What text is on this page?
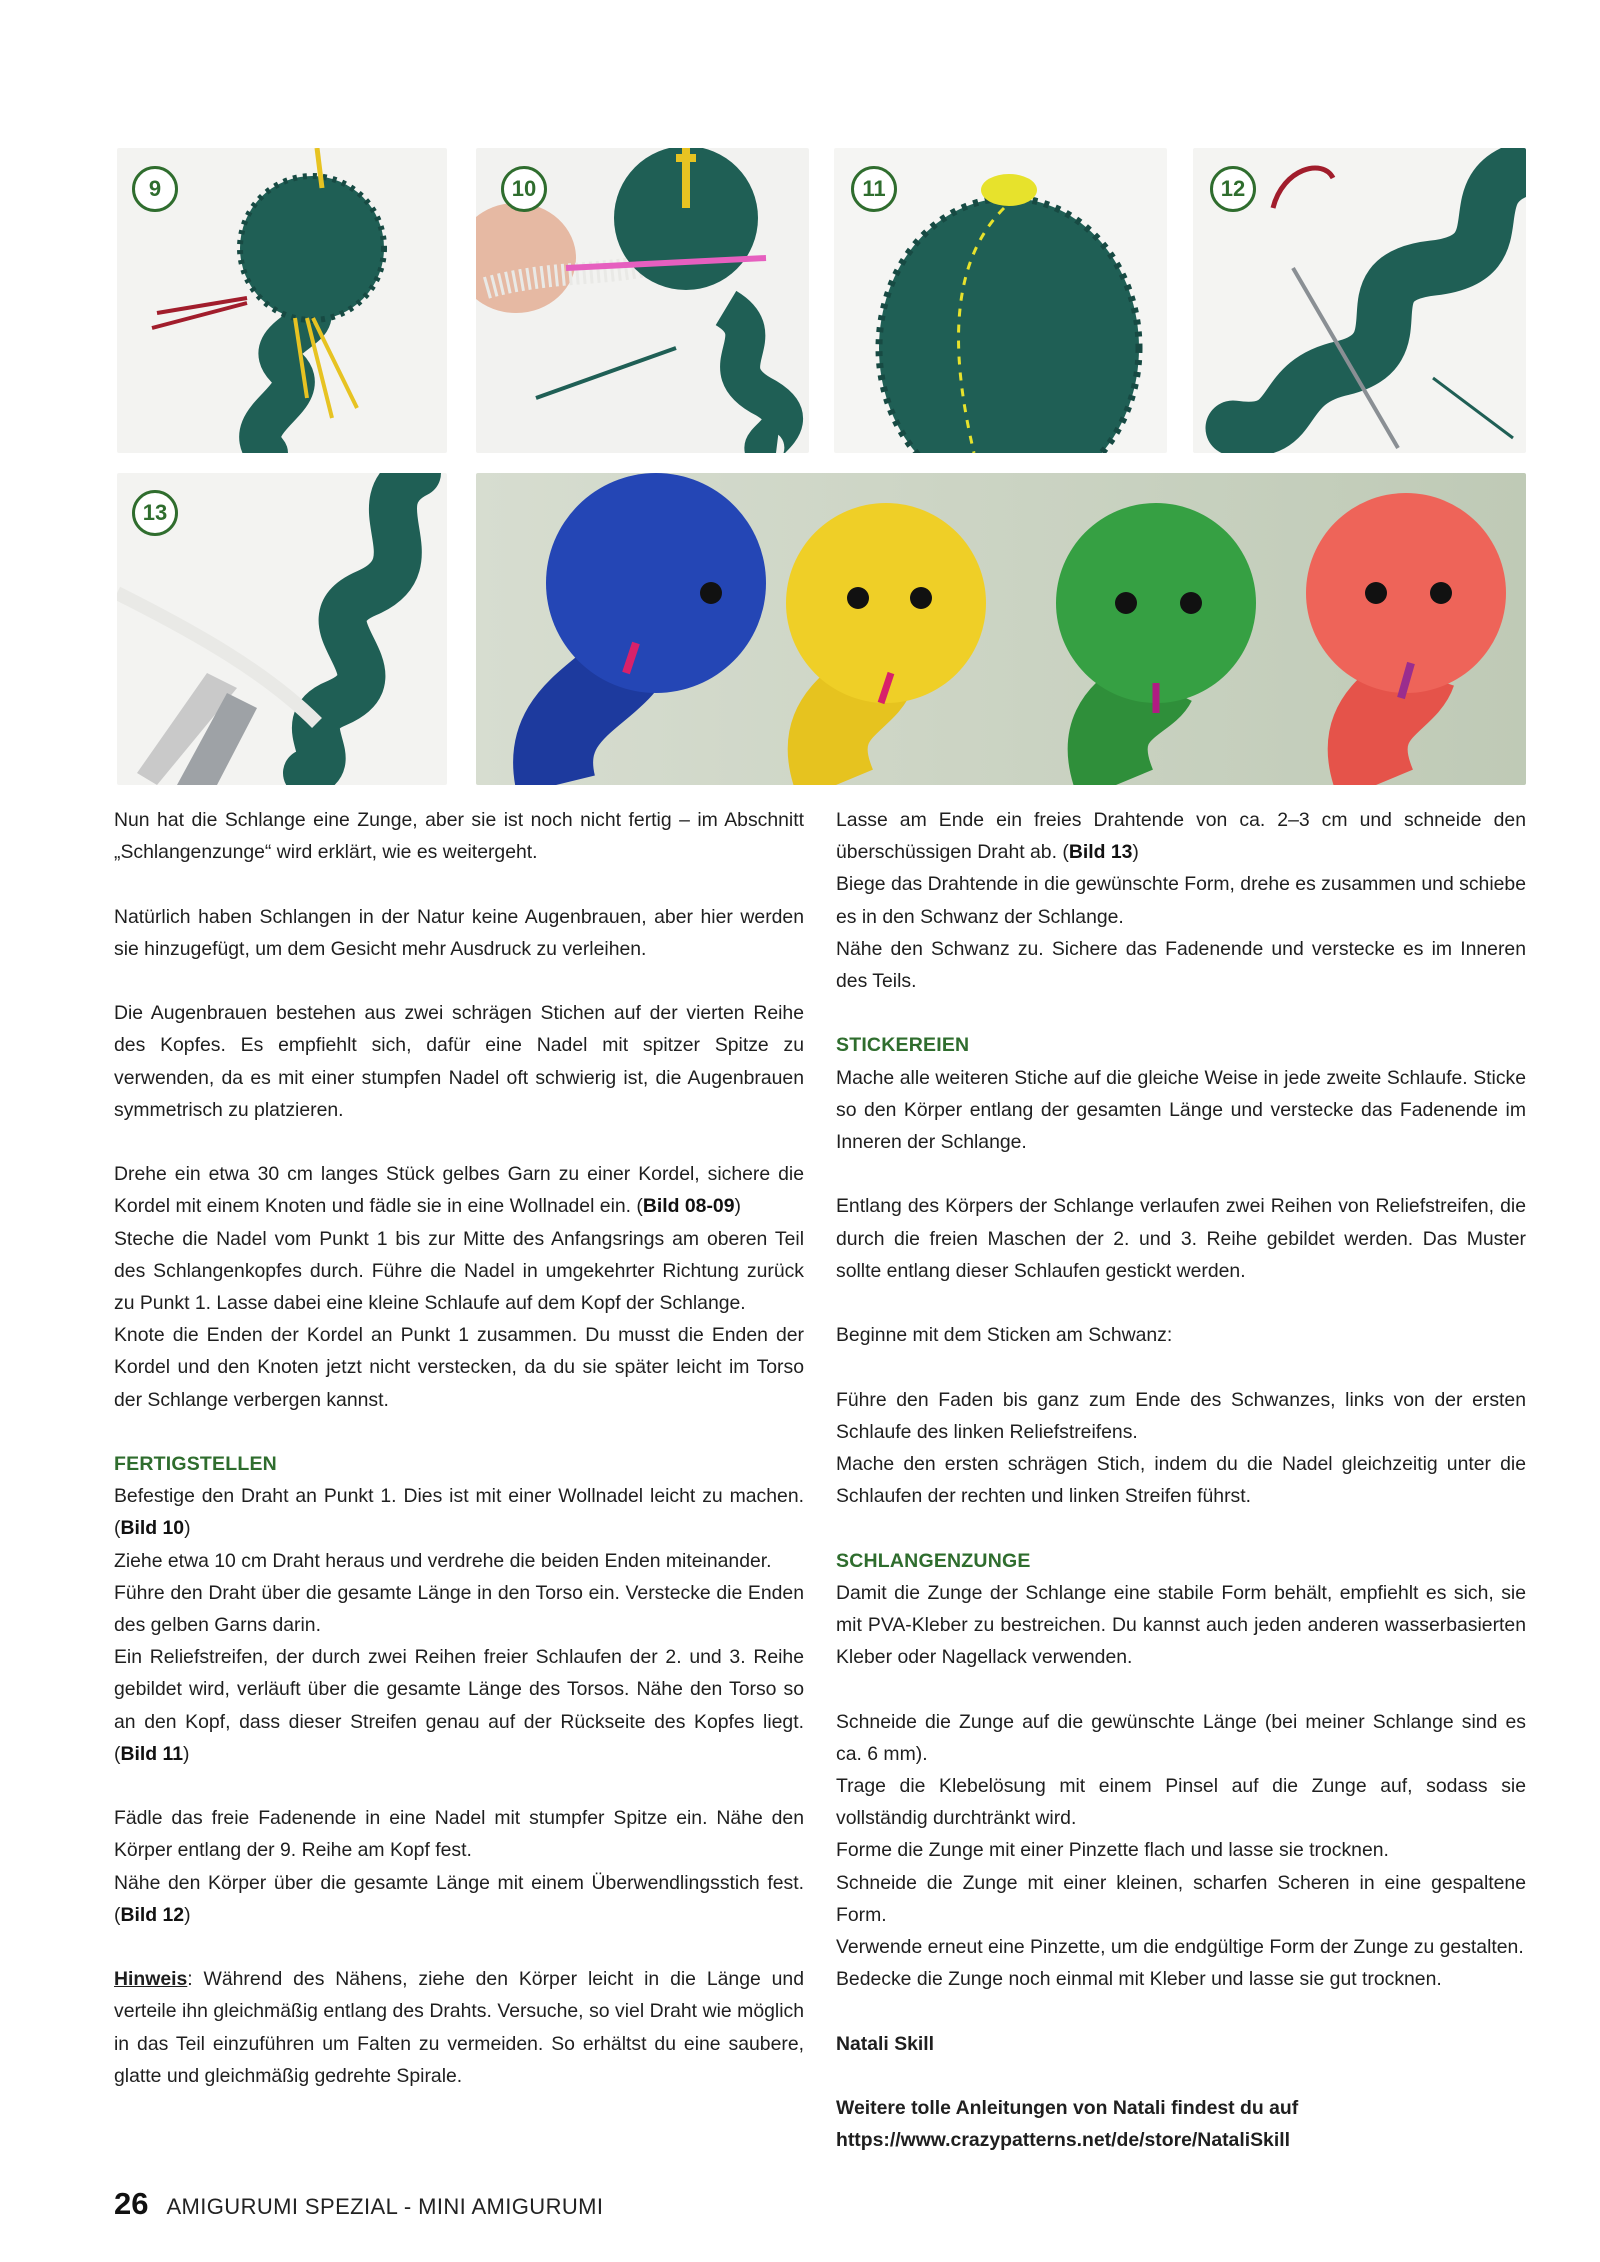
9	10	11	12
13

Nun hat die Schlange eine Zunge, aber sie ist noch nicht fertig – im Abschnitt „Schlangenzunge“ wird erklärt, wie es weitergeht.

Natürlich haben Schlangen in der Natur keine Augenbrauen, aber hier werden sie hinzugefügt, um dem Gesicht mehr Ausdruck zu verleihen.

Die Augenbrauen bestehen aus zwei schrägen Stichen auf der vierten Reihe des Kopfes. Es empfiehlt sich, dafür eine Nadel mit spitzer Spitze zu verwenden, da es mit einer stumpfen Nadel oft schwierig ist, die Augenbrauen symmetrisch zu platzieren.

Drehe ein etwa 30 cm langes Stück gelbes Garn zu einer Kordel, sichere die Kordel mit einem Knoten und fädle sie in eine Wollnadel ein. (Bild 08-09)

Steche die Nadel vom Punkt 1 bis zur Mitte des Anfangsrings am oberen Teil des Schlangenkopfes durch. Führe die Nadel in umgekehrter Richtung zurück zu Punkt 1. Lasse dabei eine kleine Schlaufe auf dem Kopf der Schlange.

Knote die Enden der Kordel an Punkt 1 zusammen. Du musst die Enden der Kordel und den Knoten jetzt nicht verstecken, da du sie später leicht im Torso der Schlange verbergen kannst.

FERTIGSTELLEN

Befestige den Draht an Punkt 1. Dies ist mit einer Wollnadel leicht zu machen. (Bild 10)

Ziehe etwa 10 cm Draht heraus und verdrehe die beiden Enden miteinander.

Führe den Draht über die gesamte Länge in den Torso ein. Verstecke die Enden des gelben Garns darin.

Ein Reliefstreifen, der durch zwei Reihen freier Schlaufen der 2. und 3. Reihe gebildet wird, verläuft über die gesamte Länge des Torsos. Nähe den Torso so an den Kopf, dass dieser Streifen genau auf der Rückseite des Kopfes liegt. (Bild 11)

Fädle das freie Fadenende in eine Nadel mit stumpfer Spitze ein. Nähe den Körper entlang der 9. Reihe am Kopf fest.

Nähe den Körper über die gesamte Länge mit einem Überwendlingsstich fest. (Bild 12)

Hinweis: Während des Nähens, ziehe den Körper leicht in die Länge und verteile ihn gleichmäßig entlang des Drahts. Versuche, so viel Draht wie möglich in das Teil einzuführen um Falten zu vermeiden. So erhältst du eine saubere, glatte und gleichmäßig gedrehte Spirale.

Lasse am Ende ein freies Drahtende von ca. 2–3 cm und schneide den überschüssigen Draht ab. (Bild 13)

Biege das Drahtende in die gewünschte Form, drehe es zusammen und schiebe es in den Schwanz der Schlange.

Nähe den Schwanz zu. Sichere das Fadenende und verstecke es im Inneren des Teils.

STICKEREIEN

Mache alle weiteren Stiche auf die gleiche Weise in jede zweite Schlaufe. Sticke so den Körper entlang der gesamten Länge und verstecke das Fadenende im Inneren der Schlange.

Entlang des Körpers der Schlange verlaufen zwei Reihen von Reliefstreifen, die durch die freien Maschen der 2. und 3. Reihe gebildet werden. Das Muster sollte entlang dieser Schlaufen gestickt werden.

Beginne mit dem Sticken am Schwanz:

Führe den Faden bis ganz zum Ende des Schwanzes, links von der ersten Schlaufe des linken Reliefstreifens.

Mache den ersten schrägen Stich, indem du die Nadel gleichzeitig unter die Schlaufen der rechten und linken Streifen führst.

SCHLANGENZUNGE

Damit die Zunge der Schlange eine stabile Form behält, empfiehlt es sich, sie mit PVA-Kleber zu bestreichen. Du kannst auch jeden anderen wasserbasierten Kleber oder Nagellack verwenden.

Schneide die Zunge auf die gewünschte Länge (bei meiner Schlange sind es ca. 6 mm).

Trage die Klebelösung mit einem Pinsel auf die Zunge auf, sodass sie vollständig durchtränkt wird.

Forme die Zunge mit einer Pinzette flach und lasse sie trocknen.

Schneide die Zunge mit einer kleinen, scharfen Scheren in eine gespaltene Form.

Verwende erneut eine Pinzette, um die endgültige Form der Zunge zu gestalten.

Bedecke die Zunge noch einmal mit Kleber und lasse sie gut trocknen.

Natali Skill

Weitere tolle Anleitungen von Natali findest du auf

https://www.crazypatterns.net/de/store/NataliSkill

26 AMIGURUMI SPEZIAL - MINI AMIGURUMI
